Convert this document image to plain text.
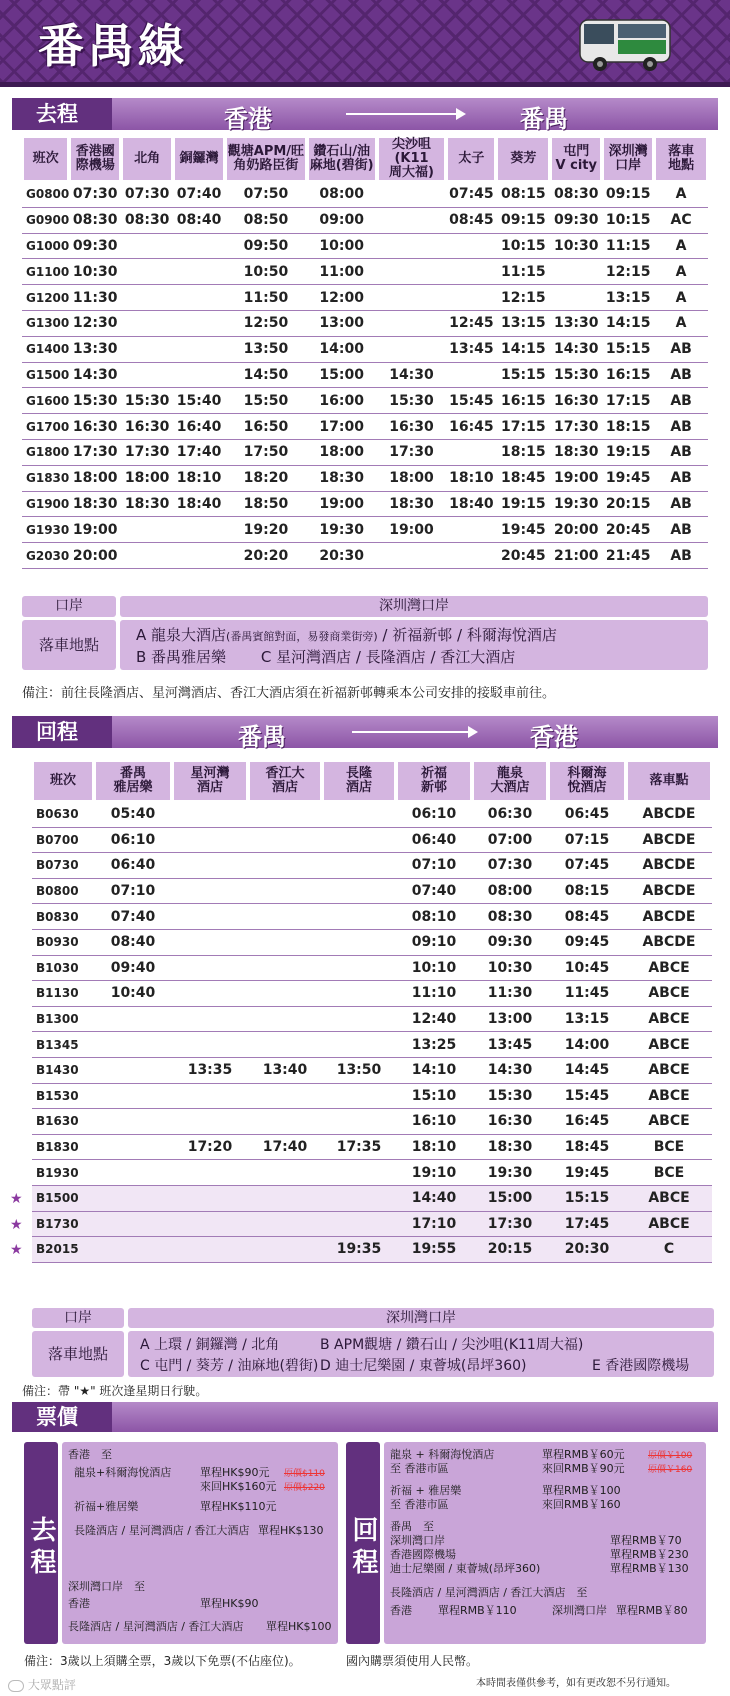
番禺線
去程	香港	番禺
班次	香港國
際機場	北角	銅鑼灣	觀塘APM/旺
角奶路臣街	鑽石山/油
麻地(碧街)	尖沙咀
(K11
周大福)	太子	葵芳	屯門
V city	深圳灣
口岸	落車
地點
G0800	07:30	07:30	07:40	07:50	08:00		07:45	08:15	08:30	09:15	A
G0900	08:30	08:30	08:40	08:50	09:00		08:45	09:15	09:30	10:15	AC
G1000	09:30			09:50	10:00			10:15	10:30	11:15	A
G1100	10:30			10:50	11:00			11:15		12:15	A
G1200	11:30			11:50	12:00			12:15		13:15	A
G1300	12:30			12:50	13:00		12:45	13:15	13:30	14:15	A
G1400	13:30			13:50	14:00		13:45	14:15	14:30	15:15	AB
G1500	14:30			14:50	15:00	14:30		15:15	15:30	16:15	AB
G1600	15:30	15:30	15:40	15:50	16:00	15:30	15:45	16:15	16:30	17:15	AB
G1700	16:30	16:30	16:40	16:50	17:00	16:30	16:45	17:15	17:30	18:15	AB
G1800	17:30	17:30	17:40	17:50	18:00	17:30		18:15	18:30	19:15	AB
G1830	18:00	18:00	18:10	18:20	18:30	18:00	18:10	18:45	19:00	19:45	AB
G1900	18:30	18:30	18:40	18:50	19:00	18:30	18:40	19:15	19:30	20:15	AB
G1930	19:00			19:20	19:30	19:00		19:45	20:00	20:45	AB
G2030	20:00			20:20	20:30			20:45	21:00	21:45	AB
口岸	深圳灣口岸
落車地點
A 龍泉大酒店(番禺賓館對面，易發商業街旁) / 祈福新邨 / 科爾海悅酒店
B 番禺雅居樂 C 星河灣酒店 / 長隆酒店 / 香江大酒店
備注：前往長隆酒店、星河灣酒店、香江大酒店須在祈福新邨轉乘本公司安排的接駁車前往。
回程	番禺	香港
班次	番禺
雅居樂	星河灣
酒店	香江大
酒店	長隆
酒店	祈福
新邨	龍泉
大酒店	科爾海
悅酒店	落車點
B0630	05:40				06:10	06:30	06:45	ABCDE
B0700	06:10				06:40	07:00	07:15	ABCDE
B0730	06:40				07:10	07:30	07:45	ABCDE
B0800	07:10				07:40	08:00	08:15	ABCDE
B0830	07:40				08:10	08:30	08:45	ABCDE
B0930	08:40				09:10	09:30	09:45	ABCDE
B1030	09:40				10:10	10:30	10:45	ABCE
B1130	10:40				11:10	11:30	11:45	ABCE
B1300					12:40	13:00	13:15	ABCE
B1345					13:25	13:45	14:00	ABCE
B1430		13:35	13:40	13:50	14:10	14:30	14:45	ABCE
B1530					15:10	15:30	15:45	ABCE
B1630					16:10	16:30	16:45	ABCE
B1830		17:20	17:40	17:35	18:10	18:30	18:45	BCE
B1930					19:10	19:30	19:45	BCE

★ B1500					14:40	15:00	15:15	ABCE

★ B1730					17:10	17:30	17:45	ABCE

★ B2015				19:35	19:55	20:15	20:30	C
口岸	深圳灣口岸
落車地點	A 上環 / 銅鑼灣 / 北角	B APM觀塘 / 鑽石山 / 尖沙咀(K11周大福)
C 屯門 / 葵芳 / 油麻地(碧街) D 迪士尼樂園 / 東薈城(昂坪360)	E 香港國際機場
備注：帶 "★" 班次逢星期日行駛。
票價
去程
香港　至
龍泉+科爾海悅酒店	單程HK$90元 原價$110
來回HK$160元 原價$220
祈福+雅居樂	單程HK$110元
長隆酒店 / 星河灣酒店 / 香江大酒店 單程HK$130
深圳灣口岸　至
香港	單程HK$90
長隆酒店 / 星河灣酒店 / 香江大酒店 單程HK$100
回程
龍泉 + 科爾海悅酒店	單程RMB￥60元	原價￥100
至 香港市區	來回RMB￥90元	原價￥160
祈福 + 雅居樂	單程RMB￥100
至 香港市區	來回RMB￥160
番禺　至
深圳灣口岸	單程RMB￥70
香港國際機場	單程RMB￥230
迪士尼樂園 / 東薈城(昂坪360)	單程RMB￥130
長隆酒店 / 星河灣酒店 / 香江大酒店　至
香港 單程RMB￥110	深圳灣口岸 單程RMB￥80
備注：3歲以上須購全票，3歲以下免票(不佔座位)。	國內購票須使用人民幣。
本時間表僅供參考，如有更改恕不另行通知。
大眾點評
